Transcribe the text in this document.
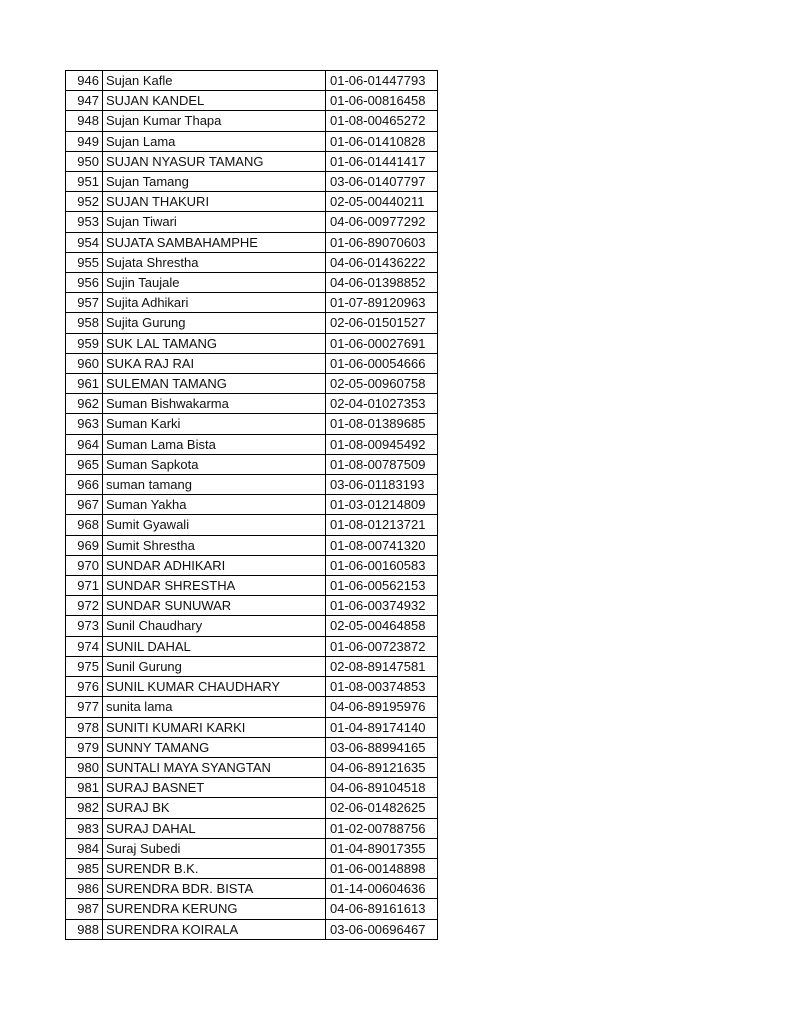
946	Sujan Kafle	01-06-01447793
947	SUJAN KANDEL	01-06-00816458
948	Sujan Kumar Thapa	01-08-00465272
949	Sujan Lama	01-06-01410828
950	SUJAN NYASUR TAMANG	01-06-01441417
951	Sujan Tamang	03-06-01407797
952	SUJAN THAKURI	02-05-00440211
953	Sujan Tiwari	04-06-00977292
954	SUJATA SAMBAHAMPHE	01-06-89070603
955	Sujata Shrestha	04-06-01436222
956	Sujin Taujale	04-06-01398852
957	Sujita Adhikari	01-07-89120963
958	Sujita Gurung	02-06-01501527
959	SUK LAL TAMANG	01-06-00027691
960	SUKA RAJ RAI	01-06-00054666
961	SULEMAN TAMANG	02-05-00960758
962	Suman Bishwakarma	02-04-01027353
963	Suman Karki	01-08-01389685
964	Suman Lama Bista	01-08-00945492
965	Suman Sapkota	01-08-00787509
966	suman tamang	03-06-01183193
967	Suman Yakha	01-03-01214809
968	Sumit Gyawali	01-08-01213721
969	Sumit Shrestha	01-08-00741320
970	SUNDAR ADHIKARI	01-06-00160583
971	SUNDAR SHRESTHA	01-06-00562153
972	SUNDAR SUNUWAR	01-06-00374932
973	Sunil Chaudhary	02-05-00464858
974	SUNIL DAHAL	01-06-00723872
975	Sunil Gurung	02-08-89147581
976	SUNIL KUMAR CHAUDHARY	01-08-00374853
977	sunita lama	04-06-89195976
978	SUNITI KUMARI KARKI	01-04-89174140
979	SUNNY TAMANG	03-06-88994165
980	SUNTALI MAYA SYANGTAN	04-06-89121635
981	SURAJ BASNET	04-06-89104518
982	SURAJ BK	02-06-01482625
983	SURAJ DAHAL	01-02-00788756
984	Suraj Subedi	01-04-89017355
985	SURENDR B.K.	01-06-00148898
986	SURENDRA BDR. BISTA	01-14-00604636
987	SURENDRA KERUNG	04-06-89161613
988	SURENDRA KOIRALA	03-06-00696467
